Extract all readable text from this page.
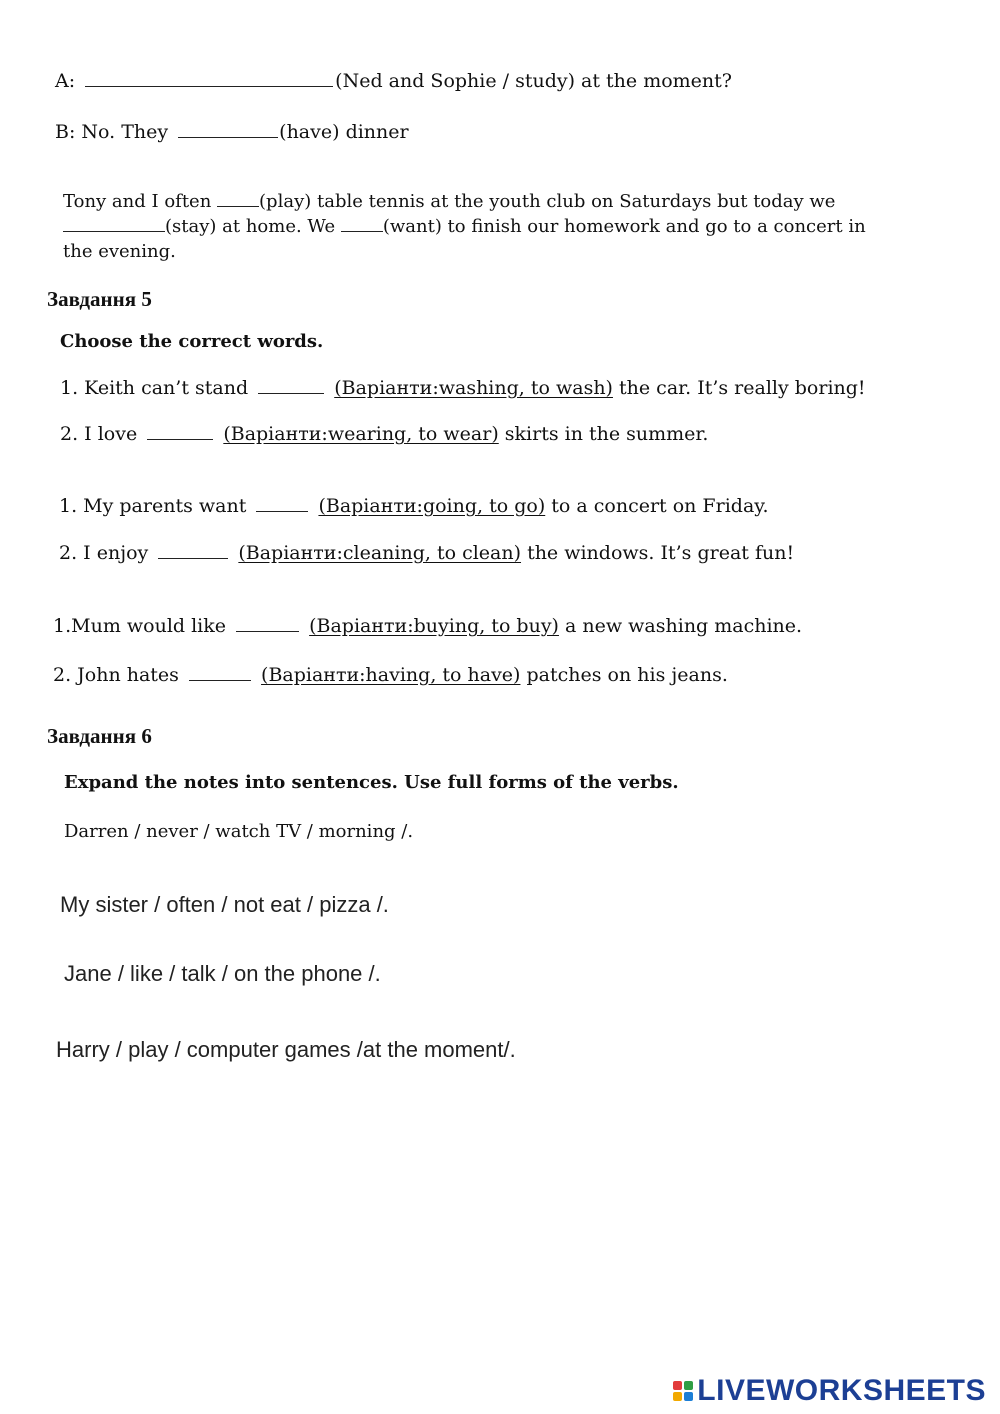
A:	(Ned and Sophie / study) at the moment?
B: No. They	(have) dinner
Tony and I often (play) table tennis at the youth club on Saturdays but today we (stay) at home. We (want) to finish our homework and go to a concert in the evening.
Завдання 5
Choose the correct words.
1. Keith can’t stand	(Варіанти:washing, to wash) the car. It’s really boring!
2. I love	(Варіанти:wearing, to wear) skirts in the summer.
1. My parents want	(Варіанти:going, to go) to a concert on Friday.
2. I enjoy	(Варіанти:cleaning, to clean) the windows. It’s great fun!
1.Mum would like	(Варіанти:buying, to buy) a new washing machine.
2. John hates	(Варіанти:having, to have) patches on his jeans.
Завдання 6
Expand the notes into sentences. Use full forms of the verbs.
Darren / never / watch TV / morning /.
My sister / often / not eat / pizza /.
Jane / like / talk / on the phone /.
Harry / play / computer games /at the moment/.
LIVEWORKSHEETS
